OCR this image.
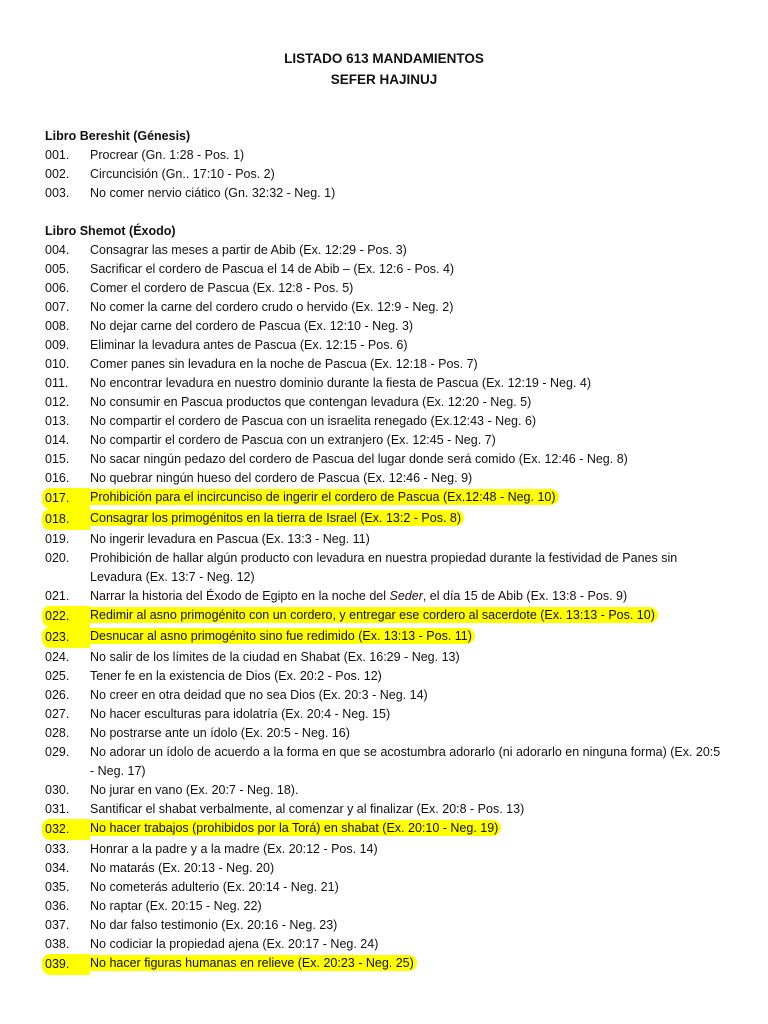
LISTADO 613 MANDAMIENTOS
SEFER HAJINUJ
Libro Bereshit (Génesis)
001.	Procrear (Gn. 1:28 - Pos. 1)
002.	Circuncisión (Gn.. 17:10 - Pos. 2)
003.	No comer nervio ciático (Gn. 32:32 - Neg. 1)
Libro Shemot (Éxodo)
004.	Consagrar las meses a partir de Abib (Ex. 12:29 - Pos. 3)
005.	Sacrificar el cordero de Pascua el 14 de Abib – (Ex. 12:6 - Pos. 4)
006.	Comer el cordero de Pascua (Ex. 12:8 - Pos. 5)
007.	No comer la carne del cordero crudo o hervido (Ex. 12:9 - Neg. 2)
008.	No dejar carne del cordero de Pascua (Ex. 12:10 - Neg. 3)
009.	Eliminar la levadura antes de Pascua (Ex. 12:15 - Pos. 6)
010.	Comer panes sin levadura en la noche de Pascua (Ex. 12:18 - Pos. 7)
011.	No encontrar levadura en nuestro dominio durante la fiesta de Pascua (Ex. 12:19 - Neg. 4)
012.	No consumir en Pascua productos que contengan levadura (Ex. 12:20 - Neg. 5)
013.	No compartir el cordero de Pascua con un israelita renegado (Ex.12:43 - Neg. 6)
014.	No compartir el cordero de Pascua con un extranjero (Ex. 12:45 - Neg. 7)
015.	No sacar ningún pedazo del cordero de Pascua del lugar donde será comido (Ex. 12:46 - Neg. 8)
016.	No quebrar ningún hueso del cordero de Pascua (Ex. 12:46 - Neg. 9)
017.	Prohibición para el incircunciso de ingerir el cordero de Pascua (Ex.12:48 - Neg. 10)
018.	Consagrar los primogénitos en la tierra de Israel (Ex. 13:2 - Pos. 8)
019.	No ingerir levadura en Pascua (Ex. 13:3 - Neg. 11)
020.	Prohibición de hallar algún producto con levadura en nuestra propiedad durante la festividad de Panes sin Levadura (Ex. 13:7 - Neg. 12)
021.	Narrar la historia del Éxodo de Egipto en la noche del Seder, el día 15 de Abib (Ex. 13:8 - Pos. 9)
022.	Redimir al asno primogénito con un cordero, y entregar ese cordero al sacerdote (Ex. 13:13 - Pos. 10)
023.	Desnucar al asno primogénito sino fue redimido (Ex. 13:13 - Pos. 11)
024.	No salir de los límites de la ciudad en Shabat (Ex. 16:29 - Neg. 13)
025.	Tener fe en la existencia de Dios (Ex. 20:2 - Pos. 12)
026.	No creer en otra deidad que no sea Dios (Ex. 20:3 - Neg. 14)
027.	No hacer esculturas para idolatría (Ex. 20:4 - Neg. 15)
028.	No postrarse ante un ídolo (Ex. 20:5 - Neg. 16)
029.	No adorar un ídolo de acuerdo a la forma en que se acostumbra adorarlo (ni adorarlo en ninguna forma) (Ex. 20:5 - Neg. 17)
030.	No jurar en vano (Ex. 20:7 - Neg. 18).
031.	Santificar el shabat verbalmente, al comenzar y al finalizar (Ex. 20:8 - Pos. 13)
032.	No hacer trabajos (prohibidos por la Torá) en shabat (Ex. 20:10 - Neg. 19)
033.	Honrar a la padre y a la madre (Ex. 20:12 - Pos. 14)
034.	No matarás (Ex. 20:13 - Neg. 20)
035.	No cometerás adulterio (Ex. 20:14 - Neg. 21)
036.	No raptar (Ex. 20:15 - Neg. 22)
037.	No dar falso testimonio (Ex. 20:16 - Neg. 23)
038.	No codiciar la propiedad ajena (Ex. 20:17 - Neg. 24)
039.	No hacer figuras humanas en relieve (Ex. 20:23 - Neg. 25)
